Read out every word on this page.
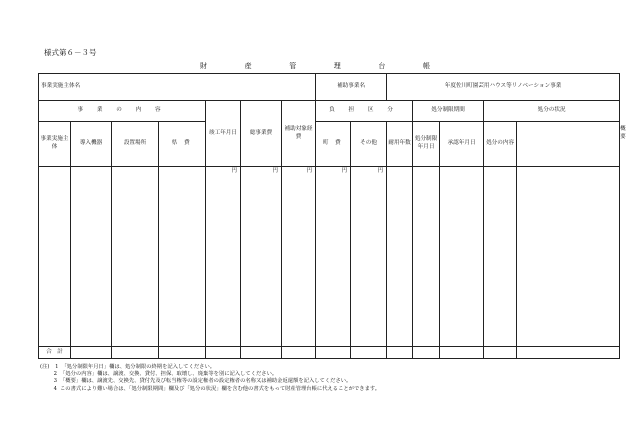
様式第６－３号
財	産	管	理	台	帳
事業実施主体名							補助事業名		年度佐川町園芸用ハウス等リノベーション事業					
事 業 の 内 容				竣工年月日	総事業費	補助対象経費	負 担 区 分			処分制限期間		処分の状況		概要
事業実施主体	導入機器	設置場所	県 費				町 費	その他	耐用年数	処分制限年月日	承認年月日	処分の内容		
				円	円	円	円	円						
合　計														
(注)	1 「処分制限年月日」欄は、処分制限の終期を記入してください。
2 「処分の内容」欄は、譲渡、交換、貸付、担保、取壊し、廃棄等を別に記入してください。
3 「概要」欄は、譲渡先、交換先、貸付先及び転当権等の設定権者の設定権者の名称又は補助金返還額を記入してください。
4 この書式により難い場合は、「処分制限期間」欄及び「処分の状況」欄を含む他の書式をもって財産管理台帳に代えることができます。
